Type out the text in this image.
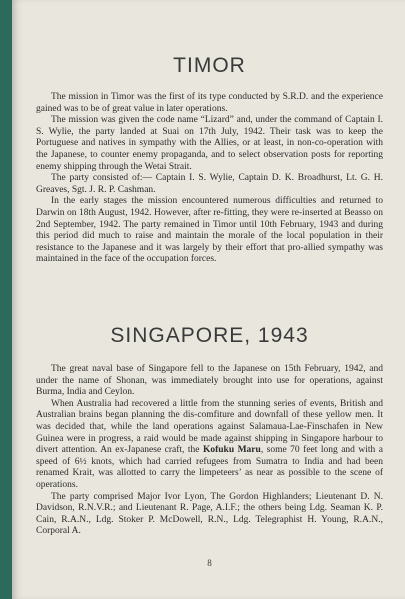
TIMOR

The mission in Timor was the first of its type conducted by S.R.D. and the experience gained was to be of great value in later operations.

The mission was given the code name “Lizard” and, under the command of Captain I. S. Wylie, the party landed at Suai on 17th July, 1942. Their task was to keep the Portuguese and natives in sympathy with the Allies, or at least, in non-co-operation with the Japanese, to counter enemy propaganda, and to select observation posts for reporting enemy shipping through the Wetai Strait.

The party consisted of:— Captain I. S. Wylie, Captain D. K. Broadhurst, Lt. G. H. Greaves, Sgt. J. R. P. Cashman.

In the early stages the mission encountered numerous difficulties and returned to Darwin on 18th August, 1942. However, after re-fitting, they were re-inserted at Beasso on 2nd September, 1942. The party remained in Timor until 10th February, 1943 and during this period did much to raise and maintain the morale of the local population in their resistance to the Japanese and it was largely by their effort that pro-allied sympathy was maintained in the face of the occupation forces.

SINGAPORE, 1943

The great naval base of Singapore fell to the Japanese on 15th February, 1942, and under the name of Shonan, was immediately brought into use for operations, against Burma, India and Ceylon.

When Australia had recovered a little from the stunning series of events, British and Australian brains began planning the dis-comfiture and downfall of these yellow men. It was decided that, while the land operations against Salamaua-Lae-Finschafen in New Guinea were in progress, a raid would be made against shipping in Singapore harbour to divert attention. An ex-Japanese craft, the Kofuku Maru, some 70 feet long and with a speed of 6½ knots, which had carried refugees from Sumatra to India and had been renamed Krait, was allotted to carry the limpeteers’ as near as possible to the scene of operations.

The party comprised Major Ivor Lyon, The Gordon Highlanders; Lieutenant D. N. Davidson, R.N.V.R.; and Lieutenant R. Page, A.I.F.; the others being Ldg. Seaman K. P. Cain, R.A.N., Ldg. Stoker P. McDowell, R.N., Ldg. Telegraphist H. Young, R.A.N., Corporal A.

8
